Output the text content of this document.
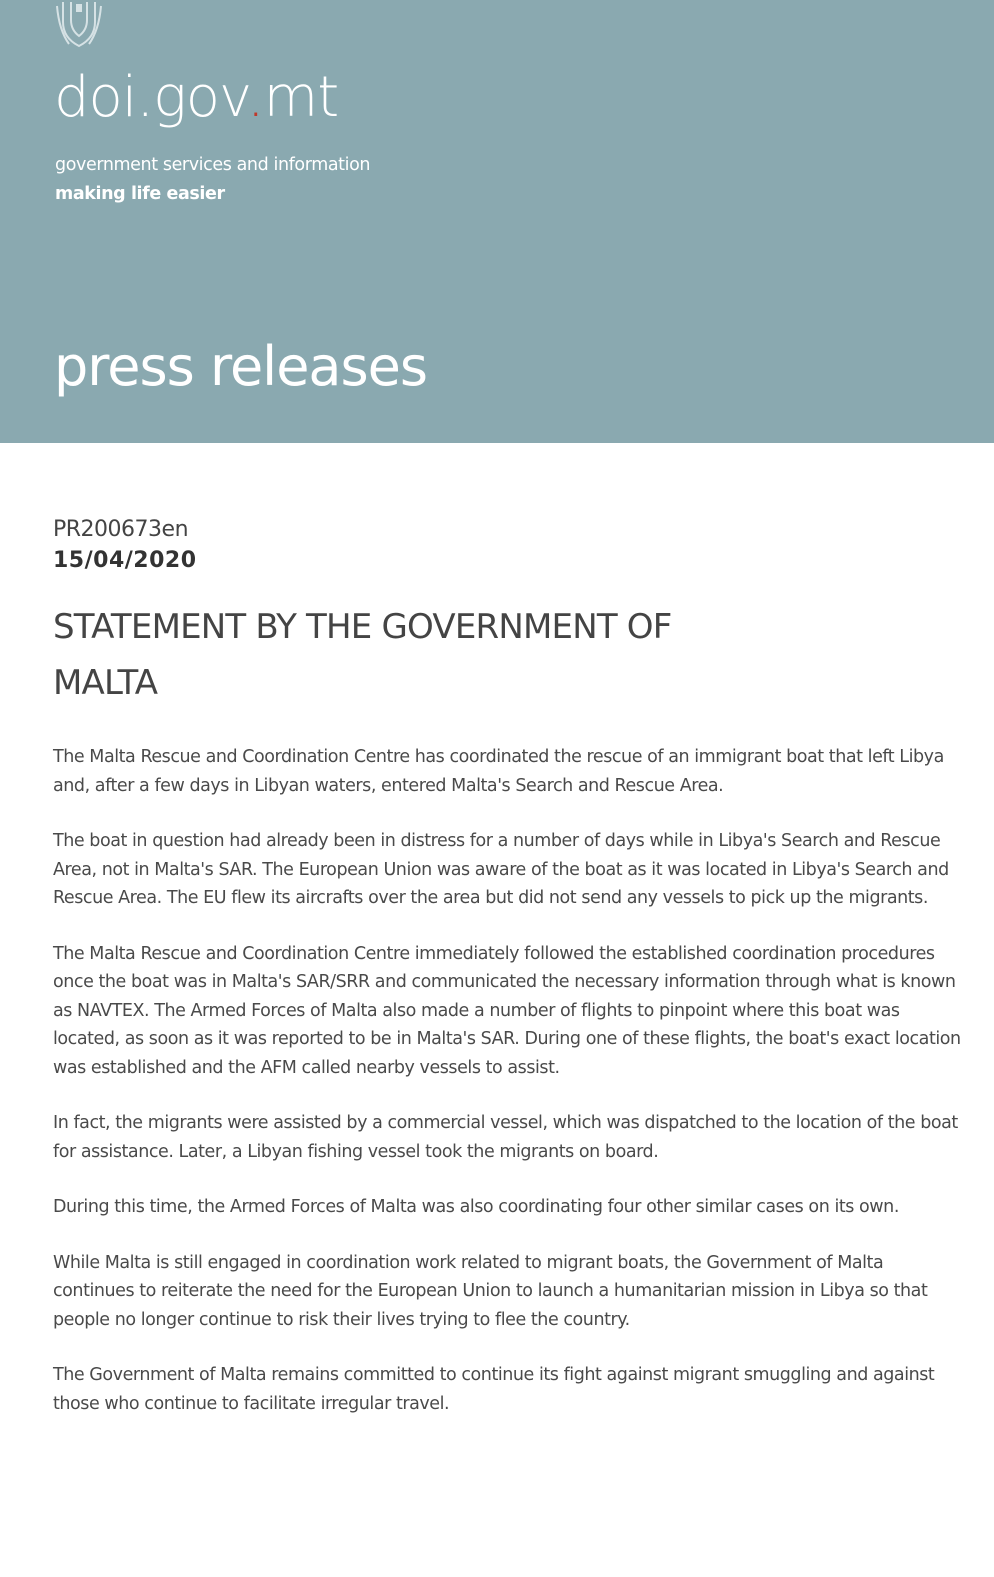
doi.gov.mt
government services and information
making life easier
press releases

PR200673en

15/04/2020

STATEMENT BY THE GOVERNMENT OF MALTA

The Malta Rescue and Coordination Centre has coordinated the rescue of an immigrant boat that left Libya and, after a few days in Libyan waters, entered Malta's Search and Rescue Area.

The boat in question had already been in distress for a number of days while in Libya's Search and Rescue Area, not in Malta's SAR. The European Union was aware of the boat as it was located in Libya's Search and Rescue Area. The EU flew its aircrafts over the area but did not send any vessels to pick up the migrants.

The Malta Rescue and Coordination Centre immediately followed the established coordination procedures once the boat was in Malta's SAR/SRR and communicated the necessary information through what is known as NAVTEX. The Armed Forces of Malta also made a number of flights to pinpoint where this boat was located, as soon as it was reported to be in Malta's SAR. During one of these flights, the boat's exact location was established and the AFM called nearby vessels to assist.

In fact, the migrants were assisted by a commercial vessel, which was dispatched to the location of the boat for assistance. Later, a Libyan fishing vessel took the migrants on board.

During this time, the Armed Forces of Malta was also coordinating four other similar cases on its own.

While Malta is still engaged in coordination work related to migrant boats, the Government of Malta continues to reiterate the need for the European Union to launch a humanitarian mission in Libya so that people no longer continue to risk their lives trying to flee the country.

The Government of Malta remains committed to continue its fight against migrant smuggling and against those who continue to facilitate irregular travel.
